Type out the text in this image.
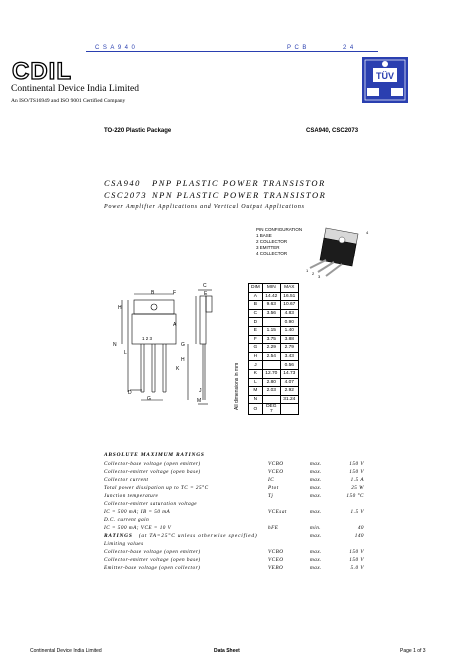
CSA940	PCB	24
CDIL
Continental Device India Limited
An ISO/TS16949 and ISO 9001 Certified Company
TÜV
TO-220 Plastic Package	CSA940, CSC2073
CSA940 PNP PLASTIC POWER TRANSISTOR
CSC2073 NPN PLASTIC POWER TRANSISTOR
Power Amplifier Applications and Vertical Output Applications
PIN CONFIGURATION
1 BASE
2 COLLECTOR
3 EMITTER
4 COLLECTOR
4
1
2
3
B	F
C
E
A
G
H
H
N
L
1 2 3
K
D
G
J
M
DIM	MIN	MAX
A	14.42	16.51
B	9.63	10.67
C	3.56	4.83
D		0.90
E	1.15	1.40
F	3.75	3.88
G	2.29	2.79
H	2.54	3.43
J		0.56
K	12.70	14.73
L	2.80	4.07
M	2.03	2.92
N		31.24
O	DEG 7	
All dimensions in mm
ABSOLUTE MAXIMUM RATINGS
Collector-base voltage (open emitter)	VCBO	max.	150 V
Collector-emitter voltage (open base)	VCEO	max.	150 V
Collector current	IC	max.	1.5 A
Total power dissipation up to TC = 25°C	Ptot	max.	25 W
Junction temperature	Tj	max.	150 °C
Collector-emitter saturation voltage
IC = 500 mA; IB = 50 mA	VCEsat	max.	1.5 V
D.C. current gain
IC = 500 mA; VCE = 10 V	hFE	min.	40
max.	140
RATINGS (at TA=25°C unless otherwise specified)
Limiting values
Collector-base voltage (open emitter)	VCBO	max.	150 V
Collector-emitter voltage (open base)	VCEO	max.	150 V
Emitter-base voltage (open collector)	VEBO	max.	5.0 V
Continental Device India Limited	Data Sheet	Page 1 of 3
